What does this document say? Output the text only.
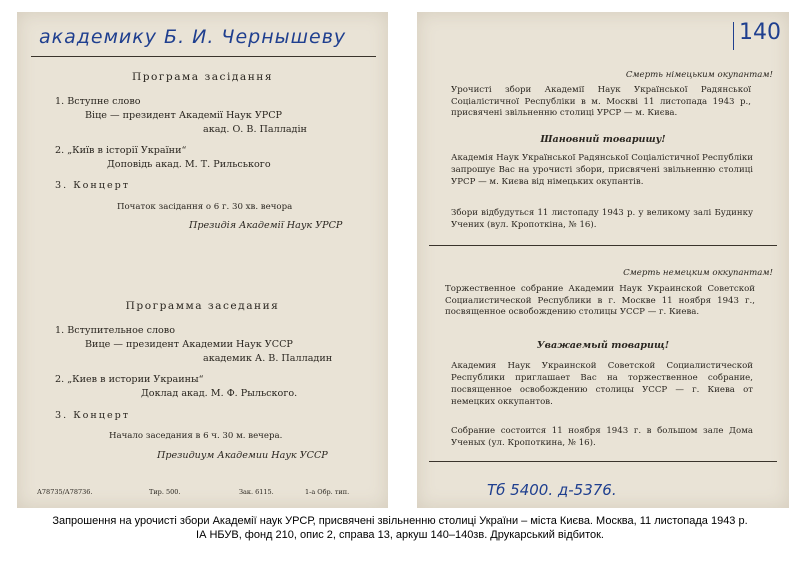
академику Б. И. Чернышеву
Програма засідання
1. Вступне слово
Віце — президент Академії Наук УРСР
акад. О. В. Палладін
2. „Київ в історії України“
Доповідь акад. М. Т. Рильського
3. Концерт
Початок засідання о 6 г. 30 хв. вечора
Президія Академії Наук УРСР
Программа заседания
1. Вступительное слово
Вице — президент Академии Наук УССР
академик А. В. Палладин
2. „Киев в истории Украины“
Доклад акад. М. Ф. Рыльского.
3. Концерт
Начало заседания в 6 ч. 30 м. вечера.
Президиум Академии Наук УССР
А78735/А78736.	Тир. 500.	Зак. 6115.	1-а Обр. тип.
140
Смерть німецьким окупантам!
Урочисті збори Академії Наук Української Радянської Соціалістичної Республіки в м. Москві 11 листопада 1943 р., присвячені звільненню столиці УРСР — м. Києва.
Шановний товаришу!
Академія Наук Української Радянської Соціалістичної Республіки запрошує Вас на урочисті збори, присвячені звільненню столиці УРСР — м. Києва від німецьких окупантів.
Збори відбудуться 11 листопаду 1943 р. у великому залі Будинку Учених (вул. Кропоткіна, № 16).
Смерть немецким оккупантам!
Торжественное собрание Академии Наук Украинской Советской Социалистической Республики в г. Москве 11 ноября 1943 г., посвященное освобождению столицы УССР — г. Киева.
Уважаемый товарищ!
Академия Наук Украинской Советской Социалистической Республики приглашает Вас на торжественное собрание, посвященное освобождению столицы УССР — г. Киева от немецких оккупантов.
Собрание состоится 11 ноября 1943 г. в большом зале Дома Ученых (ул. Кропоткина, № 16).
Тб 5400. д-5376.
Запрошення на урочисті збори Академії наук УРСР, присвячені звільненню столиці України – міста Києва. Москва, 11 листопада 1943 р.
ІА НБУВ, фонд 210, опис 2, справа 13, аркуш 140–140зв. Друкарський відбиток.
